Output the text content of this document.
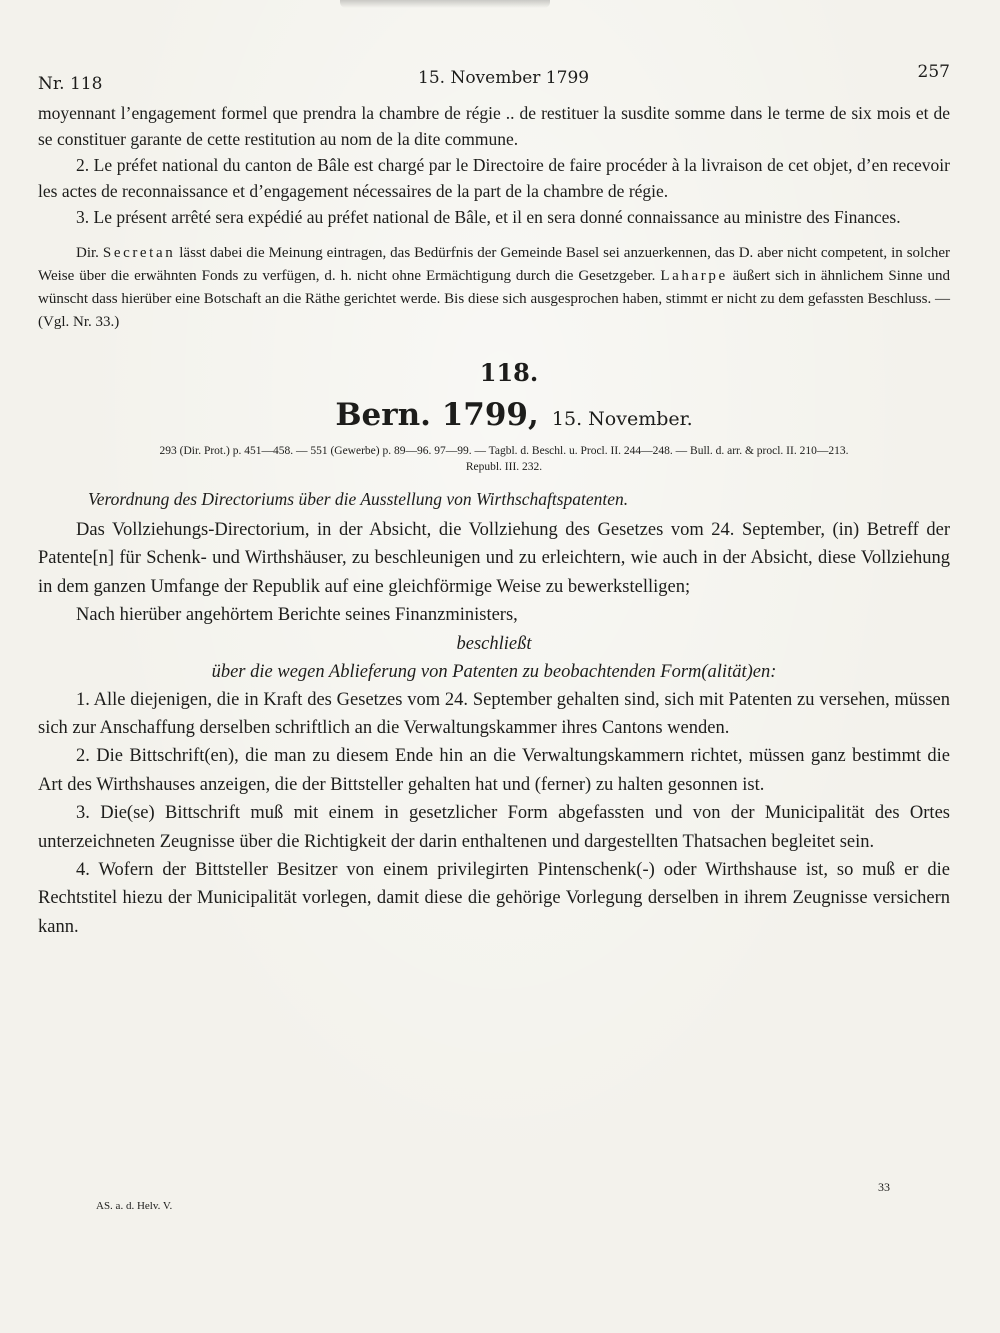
Nr. 118	15. November 1799	257

moyennant l’engagement formel que prendra la chambre de régie .. de restituer la susdite somme dans le terme de six mois et de se constituer garante de cette restitution au nom de la dite commune.

2. Le préfet national du canton de Bâle est chargé par le Directoire de faire procéder à la livraison de cet objet, d’en recevoir les actes de reconnaissance et d’engagement nécessaires de la part de la chambre de régie.

3. Le présent arrêté sera expédié au préfet national de Bâle, et il en sera donné connaissance au ministre des Finances.

Dir. Secretan lässt dabei die Meinung eintragen, das Bedürfnis der Gemeinde Basel sei anzuerkennen, das D. aber nicht competent, in solcher Weise über die erwähnten Fonds zu verfügen, d. h. nicht ohne Ermächtigung durch die Gesetzgeber. Laharpe äußert sich in ähnlichem Sinne und wünscht dass hierüber eine Botschaft an die Räthe gerichtet werde. Bis diese sich ausgesprochen haben, stimmt er nicht zu dem gefassten Beschluss. — (Vgl. Nr. 33.)

118.
Bern. 1799, 15. November.
293 (Dir. Prot.) p. 451—458. — 551 (Gewerbe) p. 89—96. 97—99. — Tagbl. d. Beschl. u. Procl. II. 244—248. — Bull. d. arr. & procl. II. 210—213.
Republ. III. 232.
Verordnung des Directoriums über die Ausstellung von Wirthschaftspatenten.

Das Vollziehungs-Directorium, in der Absicht, die Vollziehung des Gesetzes vom 24. September, (in) Betreff der Patente[n] für Schenk- und Wirthshäuser, zu beschleunigen und zu erleichtern, wie auch in der Absicht, diese Vollziehung in dem ganzen Umfange der Republik auf eine gleichförmige Weise zu bewerkstelligen;

Nach hierüber angehörtem Berichte seines Finanzministers,

beschließt

über die wegen Ablieferung von Patenten zu beobachtenden Form(alität)en:

1. Alle diejenigen, die in Kraft des Gesetzes vom 24. September gehalten sind, sich mit Patenten zu versehen, müssen sich zur Anschaffung derselben schriftlich an die Verwaltungskammer ihres Cantons wenden.

2. Die Bittschrift(en), die man zu diesem Ende hin an die Verwaltungskammern richtet, müssen ganz bestimmt die Art des Wirthshauses anzeigen, die der Bittsteller gehalten hat und (ferner) zu halten gesonnen ist.

3. Die(se) Bittschrift muß mit einem in gesetzlicher Form abgefassten und von der Municipalität des Ortes unterzeichneten Zeugnisse über die Richtigkeit der darin enthaltenen und dargestellten Thatsachen begleitet sein.

4. Wofern der Bittsteller Besitzer von einem privilegirten Pintenschenk(-) oder Wirthshause ist, so muß er die Rechtstitel hiezu der Municipalität vorlegen, damit diese die gehörige Vorlegung derselben in ihrem Zeugnisse versichern kann.

AS. a. d. Helv. V.
33
